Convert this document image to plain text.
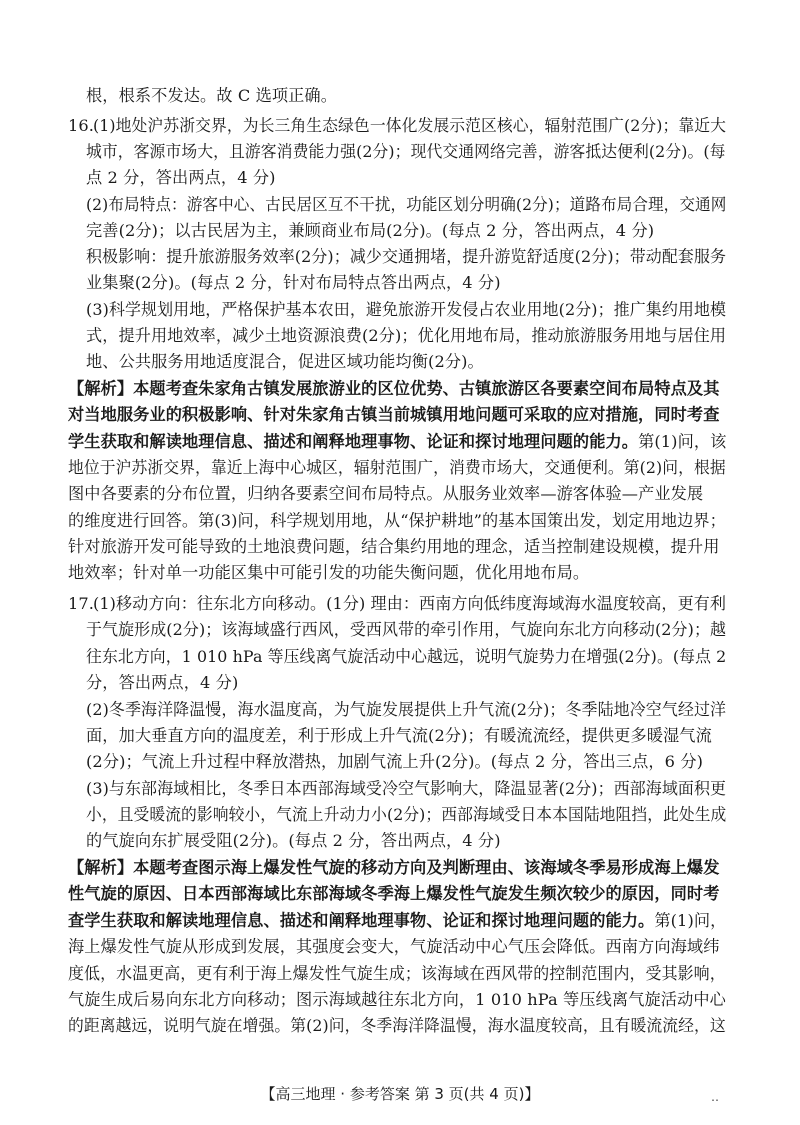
根，根系不发达。故 C 选项正确。
16.
(1)地处沪苏浙交界，为长三角生态绿色一体化发展示范区核心，辐射范围广(2分)；靠近大
城市，客源市场大，且游客消费能力强(2分)；现代交通网络完善，游客抵达便利(2分)。(每
点 2 分，答出两点，4 分)
(2)布局特点：游客中心、古民居区互不干扰，功能区划分明确(2分)；道路布局合理，交通网
完善(2分)；以古民居为主，兼顾商业布局(2分)。(每点 2 分，答出两点，4 分)
积极影响：提升旅游服务效率(2分)；减少交通拥堵，提升游览舒适度(2分)；带动配套服务
业集聚(2分)。(每点 2 分，针对布局特点答出两点，4 分)
(3)科学规划用地，严格保护基本农田，避免旅游开发侵占农业用地(2分)；推广集约用地模
式，提升用地效率，减少土地资源浪费(2分)；优化用地布局，推动旅游服务用地与居住用
地、公共服务用地适度混合，促进区域功能均衡(2分)。
【解析】本题考查朱家角古镇发展旅游业的区位优势、古镇旅游区各要素空间布局特点及其
对当地服务业的积极影响、针对朱家角古镇当前城镇用地问题可采取的应对措施，同时考查
学生获取和解读地理信息、描述和阐释地理事物、论证和探讨地理问题的能力。第(1)问，该
地位于沪苏浙交界，靠近上海中心城区，辐射范围广，消费市场大，交通便利。第(2)问，根据
图中各要素的分布位置，归纳各要素空间布局特点。从服务业效率—游客体验—产业发展
的维度进行回答。第(3)问，科学规划用地，从“保护耕地”的基本国策出发，划定用地边界；
针对旅游开发可能导致的土地浪费问题，结合集约用地的理念，适当控制建设规模，提升用
地效率；针对单一功能区集中可能引发的功能失衡问题，优化用地布局。
17.
(1)移动方向：往东北方向移动。(1分) 理由：西南方向低纬度海域海水温度较高，更有利
于气旋形成(2分)；该海域盛行西风，受西风带的牵引作用，气旋向东北方向移动(2分)；越
往东北方向，1 010 hPa 等压线离气旋活动中心越远，说明气旋势力在增强(2分)。(每点 2
分，答出两点，4 分)
(2)冬季海洋降温慢，海水温度高，为气旋发展提供上升气流(2分)；冬季陆地冷空气经过洋
面，加大垂直方向的温度差，利于形成上升气流(2分)；有暖流流经，提供更多暖湿气流
(2分)；气流上升过程中释放潜热，加剧气流上升(2分)。(每点 2 分，答出三点，6 分)
(3)与东部海域相比，冬季日本西部海域受冷空气影响大，降温显著(2分)；西部海域面积更
小，且受暖流的影响较小，气流上升动力小(2分)；西部海域受日本本国陆地阻挡，此处生成
的气旋向东扩展受阻(2分)。(每点 2 分，答出两点，4 分)
【解析】本题考查图示海上爆发性气旋的移动方向及判断理由、该海域冬季易形成海上爆发
性气旋的原因、日本西部海域比东部海域冬季海上爆发性气旋发生频次较少的原因，同时考
查学生获取和解读地理信息、描述和阐释地理事物、论证和探讨地理问题的能力。第(1)问，
海上爆发性气旋从形成到发展，其强度会变大，气旋活动中心气压会降低。西南方向海域纬
度低，水温更高，更有利于海上爆发性气旋生成；该海域在西风带的控制范围内，受其影响，
气旋生成后易向东北方向移动；图示海域越往东北方向，1 010 hPa 等压线离气旋活动中心
的距离越远，说明气旋在增强。第(2)问，冬季海洋降温慢，海水温度较高，且有暖流流经，这
【高三地理 · 参考答案 第 3 页(共 4 页)】	‥
